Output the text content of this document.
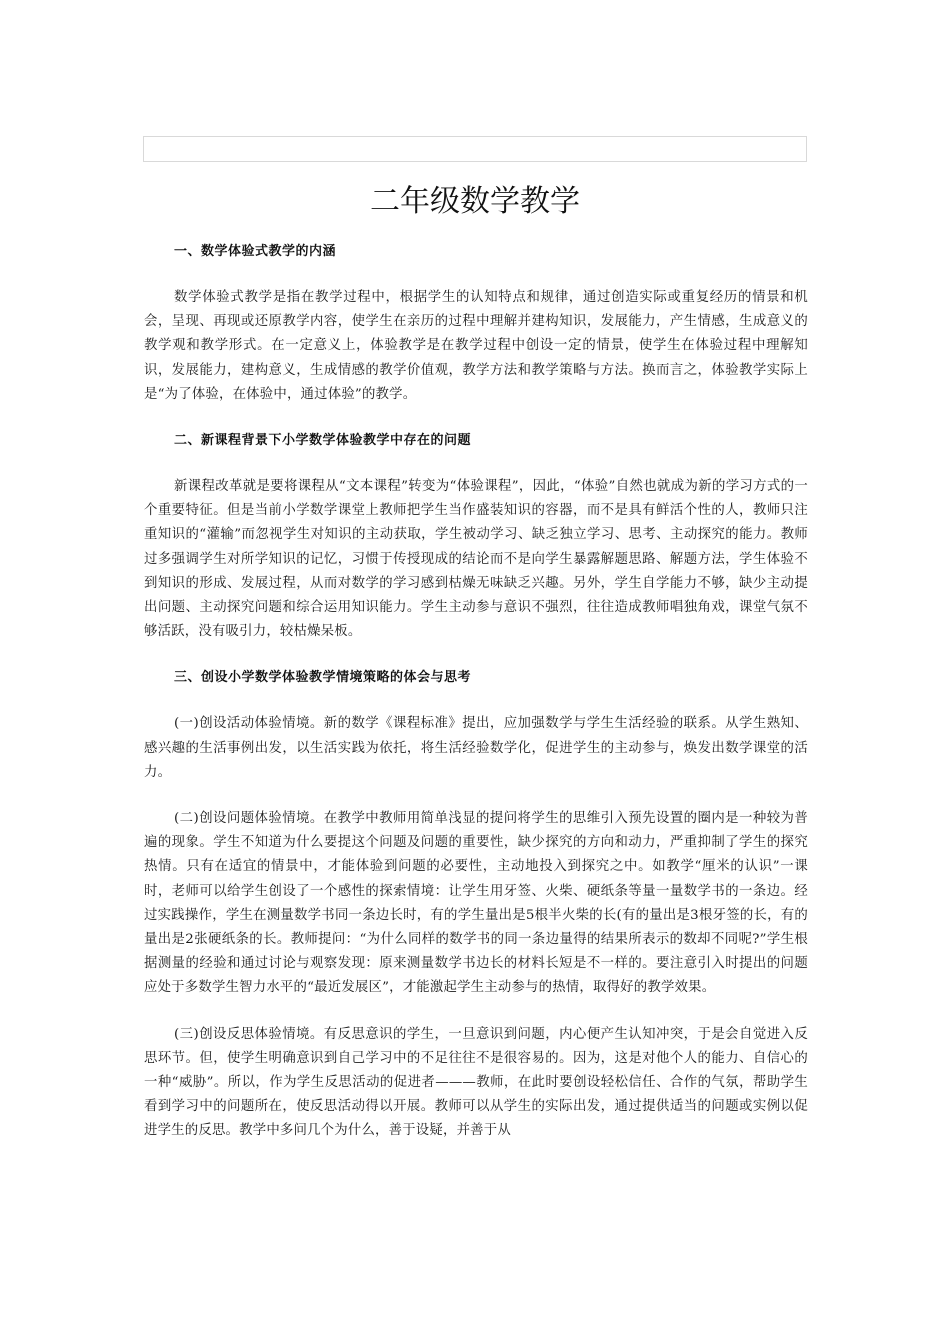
二年级数学教学
一、数学体验式教学的内涵

数学体验式教学是指在教学过程中，根据学生的认知特点和规律，通过创造实际或重复经历的情景和机会，呈现、再现或还原教学内容，使学生在亲历的过程中理解并建构知识，发展能力，产生情感，生成意义的教学观和教学形式。在一定意义上，体验教学是在教学过程中创设一定的情景，使学生在体验过程中理解知识，发展能力，建构意义，生成情感的教学价值观，教学方法和教学策略与方法。换而言之，体验教学实际上是“为了体验，在体验中，通过体验”的教学。

二、新课程背景下小学数学体验教学中存在的问题

新课程改革就是要将课程从“文本课程”转变为“体验课程”，因此，“体验”自然也就成为新的学习方式的一个重要特征。但是当前小学数学课堂上教师把学生当作盛装知识的容器，而不是具有鲜活个性的人，教师只注重知识的“灌输”而忽视学生对知识的主动获取，学生被动学习、缺乏独立学习、思考、主动探究的能力。教师过多强调学生对所学知识的记忆，习惯于传授现成的结论而不是向学生暴露解题思路、解题方法，学生体验不到知识的形成、发展过程，从而对数学的学习感到枯燥无味缺乏兴趣。另外，学生自学能力不够，缺少主动提出问题、主动探究问题和综合运用知识能力。学生主动参与意识不强烈，往往造成教师唱独角戏，课堂气氛不够活跃，没有吸引力，较枯燥呆板。

三、创设小学数学体验教学情境策略的体会与思考

(一)创设活动体验情境。新的数学《课程标准》提出，应加强数学与学生生活经验的联系。从学生熟知、感兴趣的生活事例出发，以生活实践为依托，将生活经验数学化，促进学生的主动参与，焕发出数学课堂的活力。

(二)创设问题体验情境。在教学中教师用简单浅显的提问将学生的思维引入预先设置的圈内是一种较为普遍的现象。学生不知道为什么要提这个问题及问题的重要性，缺少探究的方向和动力，严重抑制了学生的探究热情。只有在适宜的情景中，才能体验到问题的必要性，主动地投入到探究之中。如教学“厘米的认识”一课时，老师可以给学生创设了一个感性的探索情境：让学生用牙签、火柴、硬纸条等量一量数学书的一条边。经过实践操作，学生在测量数学书同一条边长时，有的学生量出是5根半火柴的长(有的量出是3根牙签的长，有的量出是2张硬纸条的长。教师提问：“为什么同样的数学书的同一条边量得的结果所表示的数却不同呢?”学生根据测量的经验和通过讨论与观察发现：原来测量数学书边长的材料长短是不一样的。要注意引入时提出的问题应处于多数学生智力水平的“最近发展区”，才能激起学生主动参与的热情，取得好的教学效果。

(三)创设反思体验情境。有反思意识的学生，一旦意识到问题，内心便产生认知冲突，于是会自觉进入反思环节。但，使学生明确意识到自己学习中的不足往往不是很容易的。因为，这是对他个人的能力、自信心的一种“威胁”。所以，作为学生反思活动的促进者———教师，在此时要创设轻松信任、合作的气氛，帮助学生看到学习中的问题所在，使反思活动得以开展。教师可以从学生的实际出发，通过提供适当的问题或实例以促进学生的反思。教学中多问几个为什么，善于设疑，并善于从
